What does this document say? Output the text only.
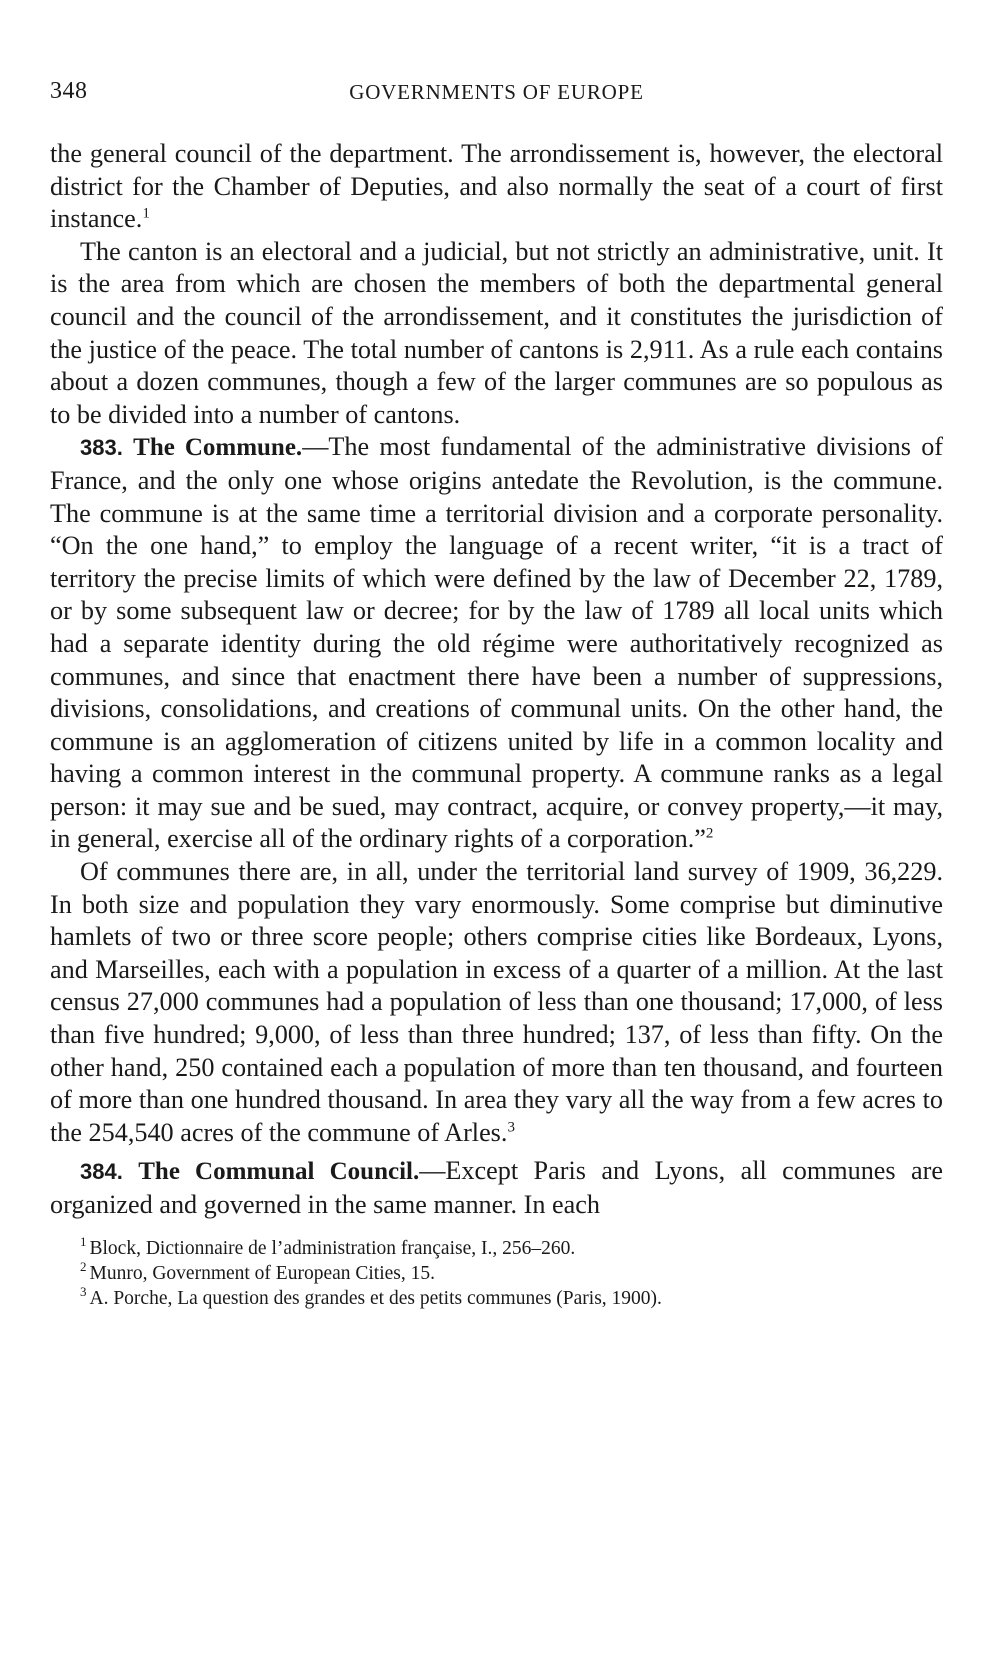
348	GOVERNMENTS OF EUROPE

the general council of the department. The arrondissement is, however, the electoral district for the Chamber of Deputies, and also normally the seat of a court of first instance.$^1$

The canton is an electoral and a judicial, but not strictly an administrative, unit. It is the area from which are chosen the members of both the departmental general council and the council of the arrondissement, and it constitutes the jurisdiction of the justice of the peace. The total number of cantons is 2,911. As a rule each contains about a dozen communes, though a few of the larger communes are so populous as to be divided into a number of cantons.

383. The Commune.—The most fundamental of the administrative divisions of France, and the only one whose origins antedate the Revolution, is the commune. The commune is at the same time a territorial division and a corporate personality. “On the one hand,” to employ the language of a recent writer, “it is a tract of territory the precise limits of which were defined by the law of December 22, 1789, or by some subsequent law or decree; for by the law of 1789 all local units which had a separate identity during the old régime were authoritatively recognized as communes, and since that enactment there have been a number of suppressions, divisions, consolidations, and creations of communal units. On the other hand, the commune is an agglomeration of citizens united by life in a common locality and having a common interest in the communal property. A commune ranks as a legal person: it may sue and be sued, may contract, acquire, or convey property,—it may, in general, exercise all of the ordinary rights of a corporation.”$^2$

Of communes there are, in all, under the territorial land survey of 1909, 36,229. In both size and population they vary enormously. Some comprise but diminutive hamlets of two or three score people; others comprise cities like Bordeaux, Lyons, and Marseilles, each with a population in excess of a quarter of a million. At the last census 27,000 communes had a population of less than one thousand; 17,000, of less than five hundred; 9,000, of less than three hundred; 137, of less than fifty. On the other hand, 250 contained each a population of more than ten thousand, and fourteen of more than one hundred thousand. In area they vary all the way from a few acres to the 254,540 acres of the commune of Arles.$^3$

384. The Communal Council.—Except Paris and Lyons, all communes are organized and governed in the same manner. In each

$^1$ Block, Dictionnaire de l’administration française, I., 256–260.

$^2$ Munro, Government of European Cities, 15.

$^3$ A. Porche, La question des grandes et des petits communes (Paris, 1900).
